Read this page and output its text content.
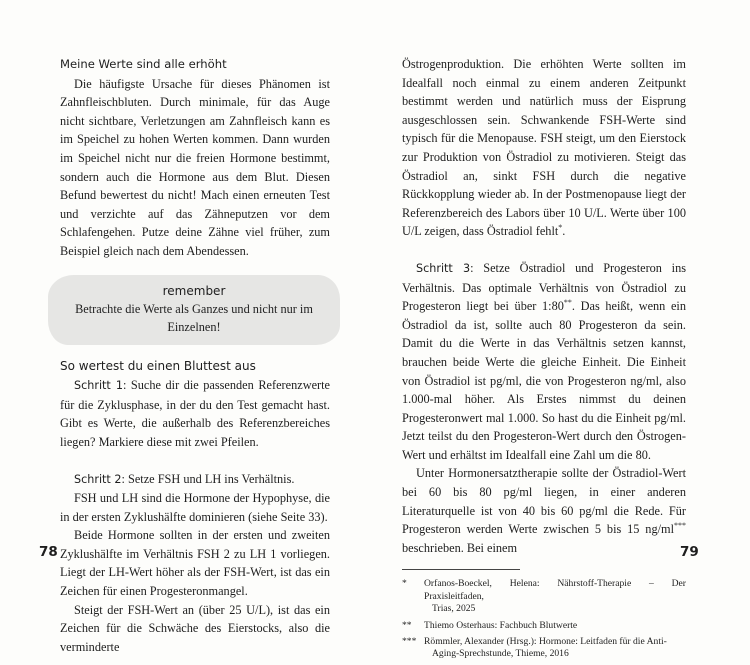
Meine Werte sind alle erhöht

Die häufigste Ursache für dieses Phänomen ist Zahnfleischbluten. Durch minimale, für das Auge nicht sichtbare, Verletzungen am Zahnfleisch kann es im Speichel zu hohen Werten kommen. Dann wurden im Speichel nicht nur die freien Hormone bestimmt, sondern auch die Hormone aus dem Blut. Diesen Befund bewertest du nicht! Mach einen erneuten Test und verzichte auf das Zähneputzen vor dem Schlafengehen. Putze deine Zähne viel früher, zum Beispiel gleich nach dem Abendessen.

remember
Betrachte die Werte als Ganzes und nicht nur im Einzelnen!
So wertest du einen Bluttest aus

Schritt 1: Suche dir die passenden Referenzwerte für die Zyklusphase, in der du den Test gemacht hast. Gibt es Werte, die außerhalb des Referenzbereiches liegen? Markiere diese mit zwei Pfeilen.

Schritt 2: Setze FSH und LH ins Verhältnis.

FSH und LH sind die Hormone der Hypophyse, die in der ersten Zyklushälfte dominieren (siehe Seite 33).

Beide Hormone sollten in der ersten und zweiten Zyklushälfte im Verhältnis FSH 2 zu LH 1 vorliegen. Liegt der LH-Wert höher als der FSH-Wert, ist das ein Zeichen für einen Progesteronmangel.

Steigt der FSH-Wert an (über 25 U/L), ist das ein Zeichen für die Schwäche des Eierstocks, also die verminderte

78

Östrogenproduktion. Die erhöhten Werte sollten im Idealfall noch einmal zu einem anderen Zeitpunkt bestimmt werden und natürlich muss der Eisprung ausgeschlossen sein. Schwankende FSH-Werte sind typisch für die Menopause. FSH steigt, um den Eierstock zur Produktion von Östradiol zu motivieren. Steigt das Östradiol an, sinkt FSH durch die negative Rückkopplung wieder ab. In der Postmenopause liegt der Referenzbereich des Labors über 10 U/L. Werte über 100 U/L zeigen, dass Östradiol fehlt*.

Schritt 3: Setze Östradiol und Progesteron ins Verhältnis. Das optimale Verhältnis von Östradiol zu Progesteron liegt bei über 1:80**. Das heißt, wenn ein Östradiol da ist, sollte auch 80 Progesteron da sein. Damit du die Werte in das Verhältnis setzen kannst, brauchen beide Werte die gleiche Einheit. Die Einheit von Östradiol ist pg/ml, die von Progesteron ng/ml, also 1.000-mal höher. Als Erstes nimmst du deinen Progesteronwert mal 1.000. So hast du die Einheit pg/ml. Jetzt teilst du den Progesteron-Wert durch den Östrogen-Wert und erhältst im Idealfall eine Zahl um die 80.

Unter Hormonersatztherapie sollte der Östradiol-Wert bei 60 bis 80 pg/ml liegen, in einer anderen Literaturquelle ist von 40 bis 60 pg/ml die Rede. Für Progesteron werden Werte zwischen 5 bis 15 ng/ml*** beschrieben. Bei einem

*	Orfanos-Boeckel, Helena: Nährstoff-Therapie – Der Praxisleitfaden,
Trias, 2025
**	Thiemo Osterhaus: Fachbuch Blutwerte
*** Römmler, Alexander (Hrsg.): Hormone: Leitfaden für die Anti-
Aging-Sprechstunde, Thieme, 2016
79
